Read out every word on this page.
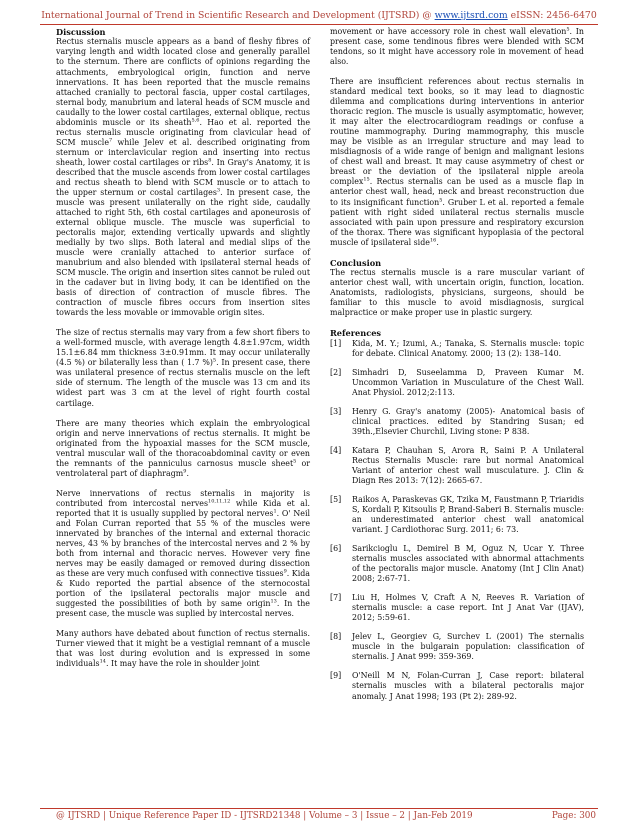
International Journal of Trend in Scientific Research and Development (IJTSRD) @ www.ijtsrd.com eISSN: 2456-6470
Discussion

Rectus sternalis muscle appears as a band of fleshy fibres of varying length and width located close and generally parallel to the sternum. There are conflicts of opinions regarding the attachments, embryological origin, function and nerve innervations. It has been reported that the muscle remains attached cranially to pectoral fascia, upper costal cartilages, sternal body, manubrium and lateral heads of SCM muscle and caudally to the lower costal cartilages, external oblique, rectus abdominis muscle or its sheath$^{5,6}$. Hao et al. reported the rectus sternalis muscle originating from clavicular head of SCM muscle$^7$ while Jelev et al. described originating from sternum or interclavicular region and inserting into rectus sheath, lower costal cartilages or ribs$^8$. In Gray's Anatomy, it is described that the muscle ascends from lower costal cartilages and rectus sheath to blend with SCM muscle or to attach to the upper sternum or costal cartilages$^3$. In present case, the muscle was present unilaterally on the right side, caudally attached to right 5th, 6th costal cartilages and aponeurosis of external oblique muscle. The muscle was superficial to pectoralis major, extending vertically upwards and slightly medially by two slips. Both lateral and medial slips of the muscle were cranially attached to anterior surface of manubrium and also blended with ipsilateral sternal heads of SCM muscle. The origin and insertion sites cannot be ruled out in the cadaver but in living body, it can be identified on the basis of direction of contraction of muscle fibres. The contraction of muscle fibres occurs from insertion sites towards the less movable or immovable origin sites.

The size of rectus sternalis may vary from a few short fibers to a well-formed muscle, with average length 4.8±1.97cm, width 15.1±6.84 mm thickness 3±0.91mm. It may occur unilaterally (4.5 %) or bilaterally less than ( 1.7 %)$^5$. In present case, there was unilateral presence of rectus sternalis muscle on the left side of sternum. The length of the muscle was 13 cm and its widest part was 3 cm at the level of right fourth costal cartilage.

There are many theories which explain the embryological origin and nerve innervations of rectus sternalis. It might be originated from the hypoaxial masses for the SCM muscle, ventral muscular wall of the thoracoabdominal cavity or even the remnants of the panniculus carnosus muscle sheet$^5$ or ventrolateral part of diaphragm$^9$.

Nerve innervations of rectus sternalis in majority is contributed from intercostal nerves$^{10,11,12}$ while Kida et al. reported that it is usually supplied by pectoral nerves$^1$. O' Neil and Folan Curran reported that 55 % of the muscles were innervated by branches of the internal and external thoracic nerves, 43 % by branches of the intercostal nerves and 2 % by both from internal and thoracic nerves. However very fine nerves may be easily damaged or removed during dissection as these are very much confused with connective tissues$^9$. Kida & Kudo reported the partial absence of the sternocostal portion of the ipsilateral pectoralis major muscle and suggested the possibilities of both by same origin$^{13}$. In the present case, the muscle was suplied by intercostal nerves.

Many authors have debated about function of rectus sternalis. Turner viewed that it might be a vestigial remnant of a muscle that was lost during evolution and is expressed in some individuals$^{14}$. It may have the role in shoulder joint

movement or have accessory role in chest wall elevation$^5$. In present case, some tendinous fibres were blended with SCM tendons, so it might have accessory role in movement of head also.

There are insufficient references about rectus sternalis in standard medical text books, so it may lead to diagnostic dilemma and complications during interventions in anterior thoracic region. The muscle is usually asymptomatic, however, it may alter the electrocardiogram readings or confuse a routine mammography. During mammography, this muscle may be visible as an irregular structure and may lead to misdiagnosis of a wide range of benign and malignant lesions of chest wall and breast. It may cause asymmetry of chest or breast or the deviation of the ipsilateral nipple areola complex$^{15}$. Rectus sternalis can be used as a muscle flap in anterior chest wall, head, neck and breast reconstruction due to its insignificant function$^5$. Gruber L et al. reported a female patient with right sided unilateral rectus sternalis muscle associated with pain upon pressure and respiratory excursion of the thorax. There was significant hypoplasia of the pectoral muscle of ipsilateral side$^{16}$.

Conclusion

The rectus sternalis muscle is a rare muscular variant of anterior chest wall, with uncertain origin, function, location. Anatomists, radiologists, physicians, surgeons, should be familiar to this muscle to avoid misdiagnosis, surgical malpractice or make proper use in plastic surgery.

References
[1]	Kida, M. Y.; Izumi, A.; Tanaka, S. Sternalis muscle: topic for debate. Clinical Anatomy. 2000; 13 (2): 138–140.
[2]	Simhadri D, Suseelamma D, Praveen Kumar M. Uncommon Variation in Musculature of the Chest Wall. Anat Physiol. 2012;2:113.
[3]	Henry G. Gray's anatomy (2005)- Anatomical basis of clinical practices. edited by Standring Susan; ed 39th.,Elsevier Churchil, Living stone: P 838.
[4]	Katara P, Chauhan S, Arora R, Saini P. A Unilateral Rectus Sternalis Muscle: rare but normal Anatomical Variant of anterior chest wall musculature. J. Clin & Diagn Res 2013: 7(12): 2665-67.
[5]	Raikos A, Paraskevas GK, Tzika M, Faustmann P, Triaridis S, Kordali P, Kitsoulis P, Brand-Saberi B. Sternalis muscle: an underestimated anterior chest wall anatomical variant. J Cardiothorac Surg. 2011; 6: 73.
[6]	Sarikcioglu L, Demirel B M, Oguz N, Ucar Y. Three sternalis muscles associated with abnormal attachments of the pectoralis major muscle. Anatomy (Int J Clin Anat) 2008; 2:67-71.
[7]	Liu H, Holmes V, Craft A N, Reeves R. Variation of sternalis muscle: a case report. Int J Anat Var (IJAV), 2012; 5:59-61.
[8]	Jelev L, Georgiev G, Surchev L (2001) The sternalis muscle in the bulgarain population: classification of sternalis. J Anat 999: 359-369.
[9]	O'Neill M N, Folan-Curran J, Case report: bilateral sternalis muscles with a bilateral pectoralis major anomaly. J Anat 1998; 193 (Pt 2): 289-92.
@ IJTSRD | Unique Reference Paper ID - IJTSRD21348 | Volume – 3 | Issue – 2 | Jan-Feb 2019	Page: 300
